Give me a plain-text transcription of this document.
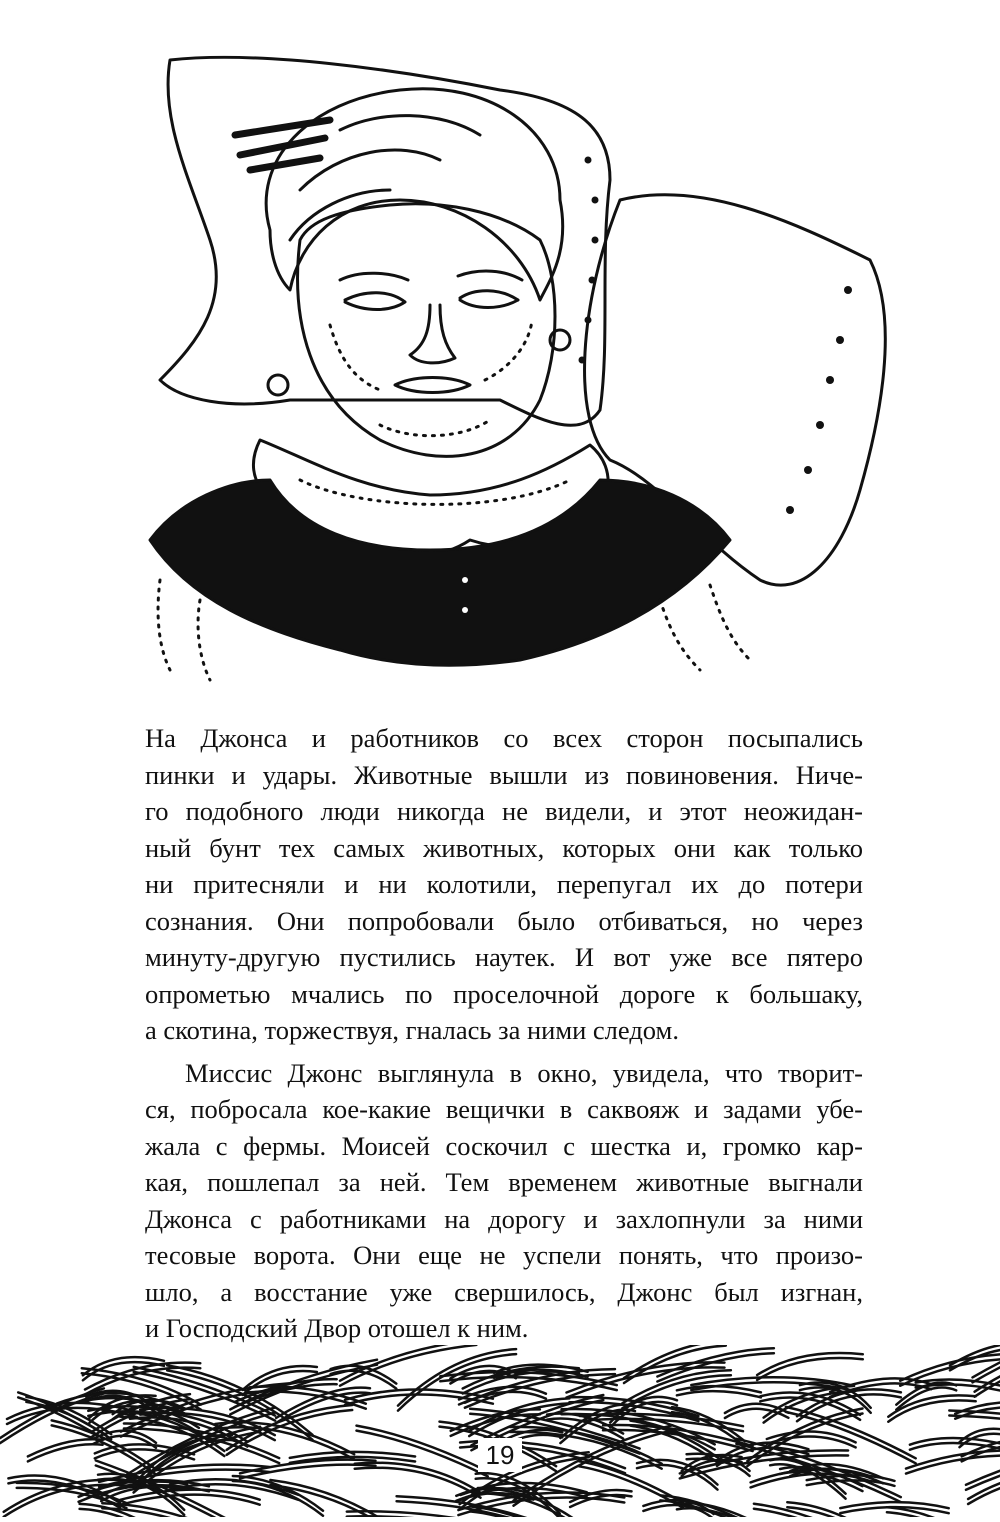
На Джонса и работников со всех сторон посыпались
пинки и удары. Животные вышли из повиновения. Ниче-
го подобного люди никогда не видели, и этот неожидан-
ный бунт тех самых животных, которых они как только
ни притесняли и ни колотили, перепугал их до потери
сознания. Они попробовали было отбиваться, но через
минуту-другую пустились наутек. И вот уже все пятеро
опрометью мчались по проселочной дороге к большаку,
а скотина, торжествуя, гналась за ними следом.

Миссис Джонс выглянула в окно, увидела, что творит-
ся, побросала кое-какие вещички в саквояж и задами убе-
жала с фермы. Моисей соскочил с шестка и, громко кар-
кая, пошлепал за ней. Тем временем животные выгнали
Джонса с работниками на дорогу и захлопнули за ними
тесовые ворота. Они еще не успели понять, что произо-
шло, а восстание уже свершилось, Джонс был изгнан,
и Господский Двор отошел к ним.

19
